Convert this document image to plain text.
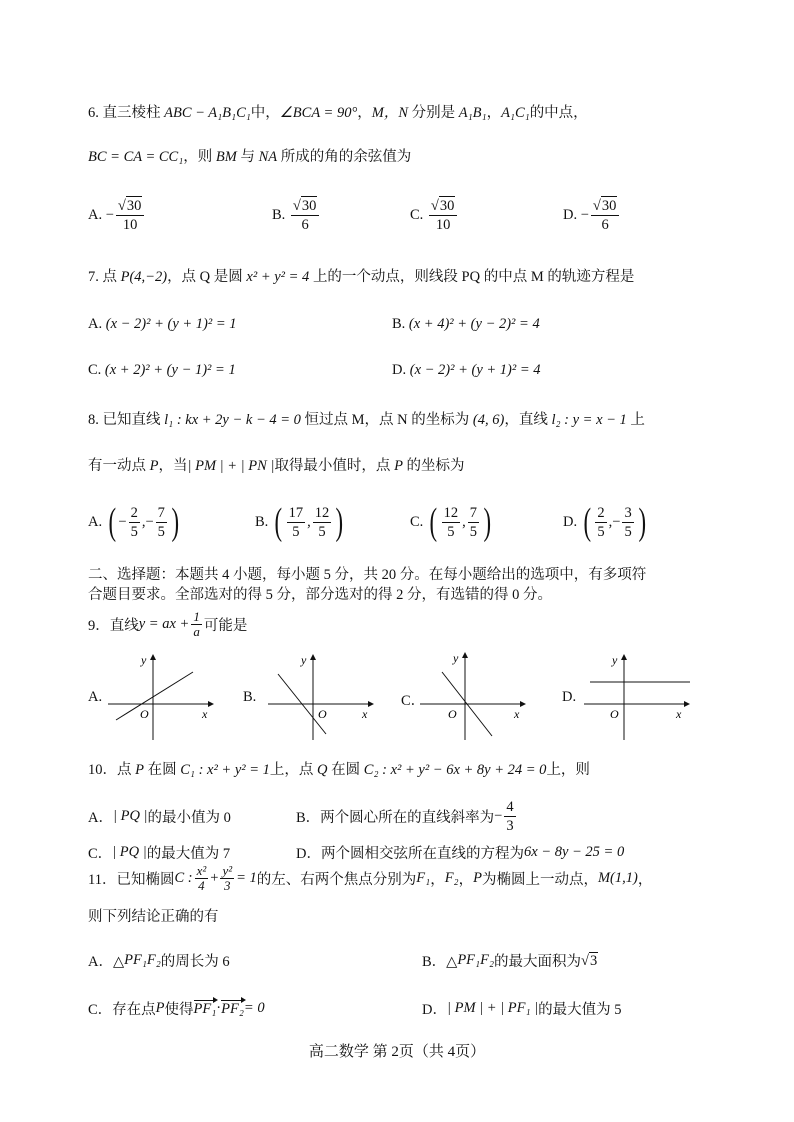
6. 直三棱柱 ABC − A₁B₁C₁中，∠BCA = 90°，M，N 分别是 A₁B₁，A₁C₁的中点，
BC = CA = CC₁，则 BM 与 NA 所成的角的余弦值为
A.
− $\frac{√30}{10}$	B.
$\frac{√30}{6}$	C.
$\frac{√30}{10}$	D.
− $\frac{√30}{6}$
7. 点 P(4,−2)，点 Q 是圆 x² + y² = 4 上的一个动点，则线段 PQ 的中点 M 的轨迹方程是
A.
(x − 2)² + (y + 1)² = 1	B.
(x + 4)² + (y − 2)² = 4
C.
(x + 2)² + (y − 1)² = 1	D.
(x − 2)² + (y + 1)² = 4
8. 已知直线 l₁ : kx + 2y − k − 4 = 0 恒过点 M，点 N 的坐标为 (4, 6)，直线 l₂ : y = x − 1 上
有一动点 P，当| PM | + | PN |取得最小值时，点 P 的坐标为
A.
( − $\frac{2}{5}$ , − $\frac{7}{5}$ )	B.
( $\frac{17}{5}$ , $\frac{12}{5}$ )	C.
( $\frac{12}{5}$ , $\frac{7}{5}$ )	D.
( $\frac{2}{5}$ , − $\frac{3}{5}$ )
二、选择题：本题共 4 小题，每小题 5 分，共 20 分。在每小题给出的选项中，有多项符
合题目要求。全部选对的得 5 分，部分选对的得 2 分，有选错的得 0 分。
9．直线 y = ax + $\frac{1}{a}$ 可能是
A.	B.	C．	D.
y
x
O
y
x
O
y
x
O
y
x
O
10．点 P 在圆 C₁ : x² + y² = 1上，点 Q 在圆 C₂ : x² + y² − 6x + 8y + 24 = 0上，则
A． | PQ | 的最小值为 0	B．两个圆心所在的直线斜率为 − $\frac{4}{3}$
C． | PQ | 的最大值为 7	D．两个圆相交弦所在直线的方程为 6x − 8y − 25 = 0
11．已知椭圆 C : $\frac{\text{x²}}{4} + \frac{\text{y²}}{3} = 1$ 的左、右两个焦点分别为 F₁ ， F₂ ， P 为椭圆上一动点， M(1,1) ，
则下列结论正确的有
A．△ PF₁F₂ 的周长为 6	B．△ PF₁F₂ 的最大面积为 √3
C．存在点 P 使得 PF₁ · PF₂ = 0	D． | PM | + | PF₁ | 的最大值为 5
高二数学 第 2页（共 4页）
